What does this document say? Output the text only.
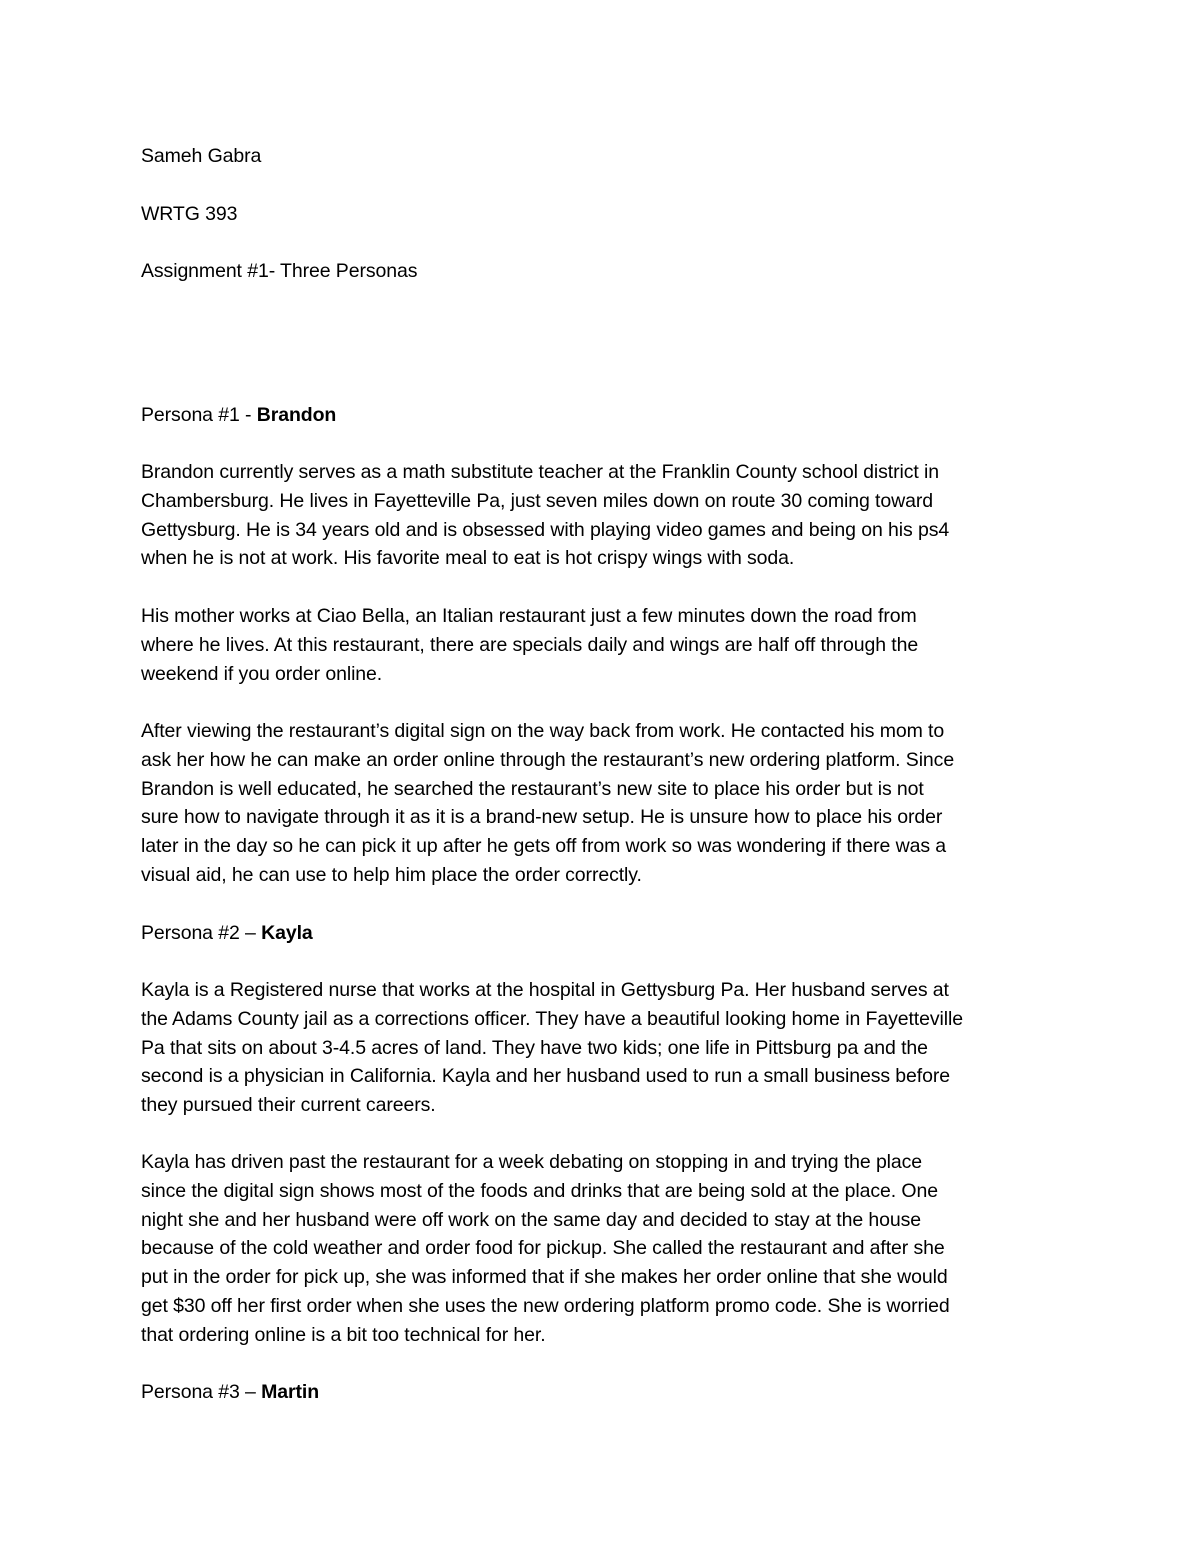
Sameh Gabra
WRTG 393
Assignment #1- Three Personas
Persona #1 - Brandon
Brandon currently serves as a math substitute teacher at the Franklin County school district in
Chambersburg. He lives in Fayetteville Pa, just seven miles down on route 30 coming toward
Gettysburg. He is 34 years old and is obsessed with playing video games and being on his ps4
when he is not at work. His favorite meal to eat is hot crispy wings with soda.
His mother works at Ciao Bella, an Italian restaurant just a few minutes down the road from
where he lives. At this restaurant, there are specials daily and wings are half off through the
weekend if you order online.
After viewing the restaurant’s digital sign on the way back from work. He contacted his mom to
ask her how he can make an order online through the restaurant’s new ordering platform. Since
Brandon is well educated, he searched the restaurant’s new site to place his order but is not
sure how to navigate through it as it is a brand-new setup. He is unsure how to place his order
later in the day so he can pick it up after he gets off from work so was wondering if there was a
visual aid, he can use to help him place the order correctly.
Persona #2 – Kayla
Kayla is a Registered nurse that works at the hospital in Gettysburg Pa. Her husband serves at
the Adams County jail as a corrections officer. They have a beautiful looking home in Fayetteville
Pa that sits on about 3-4.5 acres of land. They have two kids; one life in Pittsburg pa and the
second is a physician in California. Kayla and her husband used to run a small business before
they pursued their current careers.
Kayla has driven past the restaurant for a week debating on stopping in and trying the place
since the digital sign shows most of the foods and drinks that are being sold at the place. One
night she and her husband were off work on the same day and decided to stay at the house
because of the cold weather and order food for pickup. She called the restaurant and after she
put in the order for pick up, she was informed that if she makes her order online that she would
get $30 off her first order when she uses the new ordering platform promo code. She is worried
that ordering online is a bit too technical for her.
Persona #3 – Martin
